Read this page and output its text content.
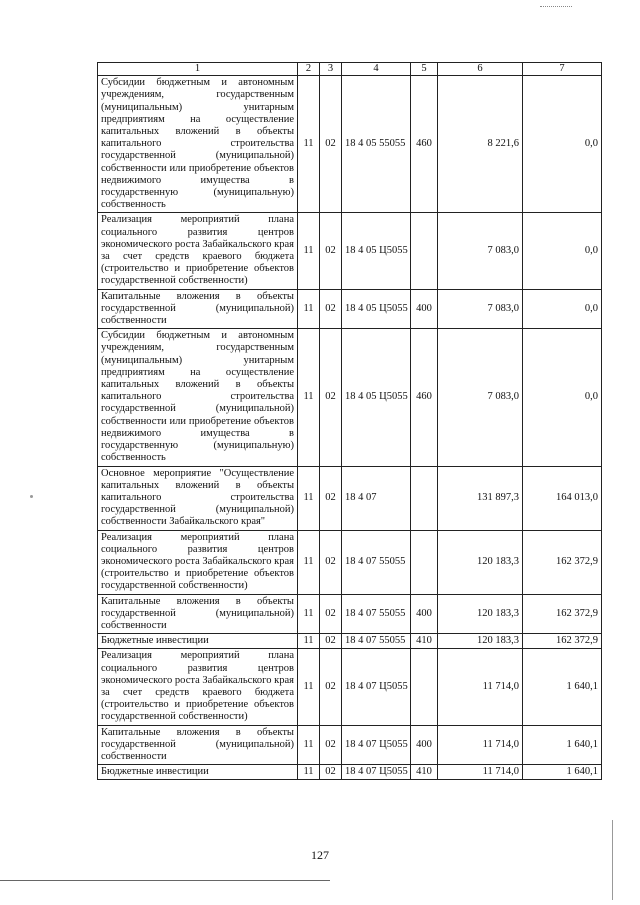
1	2	3	4	5	6	7
Субсидии бюджетным и автономным учреждениям, государственным (муниципальным) унитарным предприятиям на осуществление капитальных вложений в объекты капитального строительства государственной (муниципальной) собственности или приобретение объектов недвижимого имущества в государственную (муниципальную) собственность	11	02	18 4 05 55055	460	8 221,6	0,0
Реализация мероприятий плана социального развития центров экономического роста Забайкальского края за счет средств краевого бюджета (строительство и приобретение объектов государственной собственности)	11	02	18 4 05 Ц5055		7 083,0	0,0
Капитальные вложения в объекты государственной (муниципальной) собственности	11	02	18 4 05 Ц5055	400	7 083,0	0,0
Субсидии бюджетным и автономным учреждениям, государственным (муниципальным) унитарным предприятиям на осуществление капитальных вложений в объекты капитального строительства государственной (муниципальной) собственности или приобретение объектов недвижимого имущества в государственную (муниципальную) собственность	11	02	18 4 05 Ц5055	460	7 083,0	0,0
Основное мероприятие "Осуществление капитальных вложений в объекты капитального строительства государственной (муниципальной) собственности Забайкальского края"	11	02	18 4 07		131 897,3	164 013,0
Реализация мероприятий плана социального развития центров экономического роста Забайкальского края (строительство и приобретение объектов государственной собственности)	11	02	18 4 07 55055		120 183,3	162 372,9
Капитальные вложения в объекты государственной (муниципальной) собственности	11	02	18 4 07 55055	400	120 183,3	162 372,9
Бюджетные инвестиции	11	02	18 4 07 55055	410	120 183,3	162 372,9
Реализация мероприятий плана социального развития центров экономического роста Забайкальского края за счет средств краевого бюджета (строительство и приобретение объектов государственной собственности)	11	02	18 4 07 Ц5055		11 714,0	1 640,1
Капитальные вложения в объекты государственной (муниципальной) собственности	11	02	18 4 07 Ц5055	400	11 714,0	1 640,1
Бюджетные инвестиции	11	02	18 4 07 Ц5055	410	11 714,0	1 640,1
127
